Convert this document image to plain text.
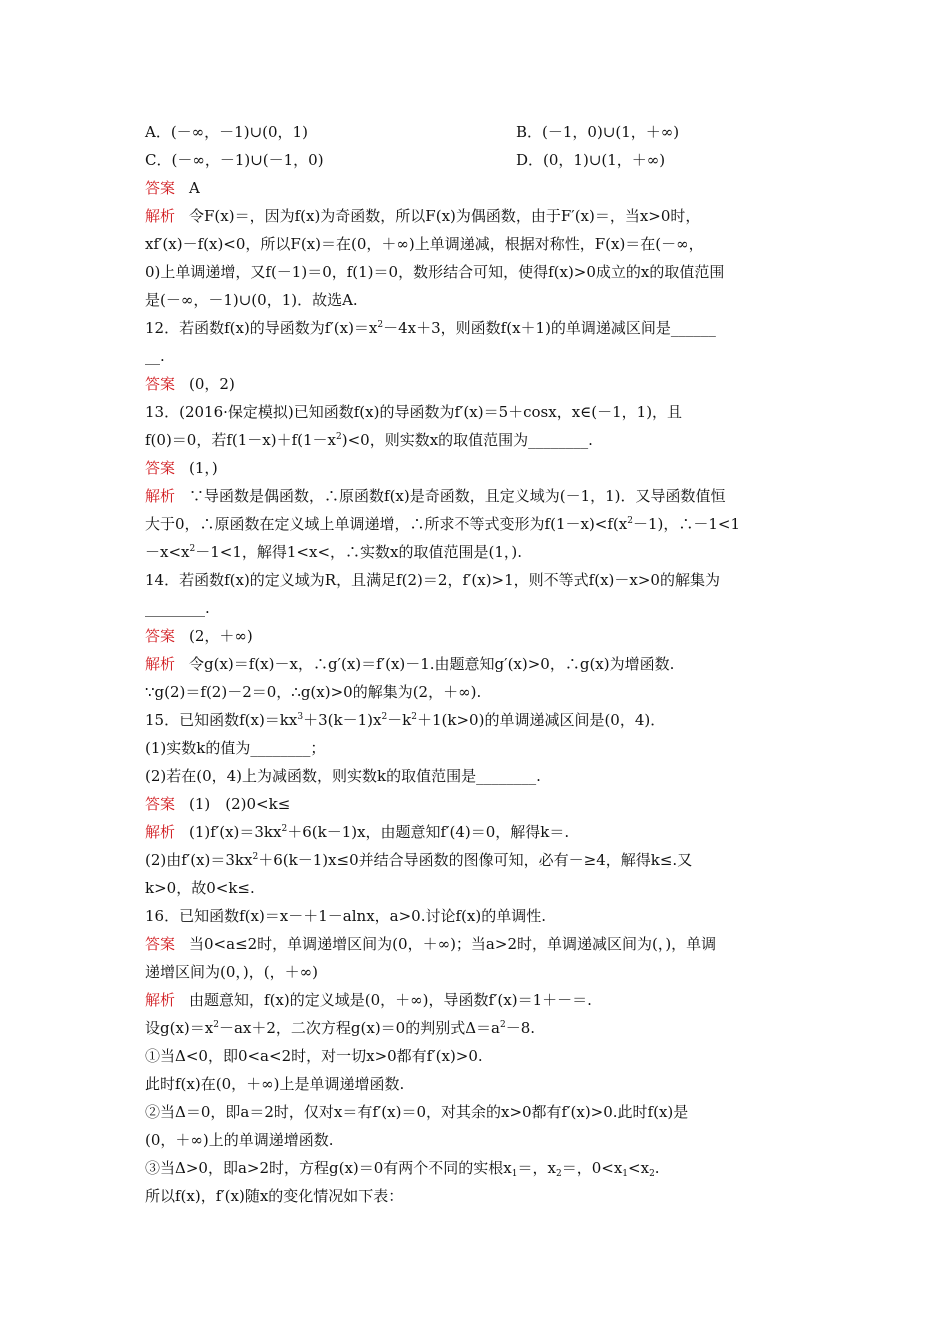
A．(－∞，－1)∪(0，1)	B．(－1，0)∪(1，＋∞)
C．(－∞，－1)∪(－1，0)	D．(0，1)∪(1，＋∞)
答案 A
解析 令F(x)＝，因为f(x)为奇函数，所以F(x)为偶函数，由于F′(x)＝，当x>0时，
xf′(x)－f(x)<0，所以F(x)＝在(0，＋∞)上单调递减，根据对称性，F(x)＝在(－∞，
0)上单调递增，又f(－1)＝0，f(1)＝0，数形结合可知，使得f(x)>0成立的x的取值范围
是(－∞，－1)∪(0，1)．故选A.
12．若函数f(x)的导函数为$f'(x)=x^2-4x+3$，则函数f(x＋1)的单调递减区间是______
__.
答案 (0，2)
13．(2016·保定模拟)已知函数f(x)的导函数为f′(x)＝5＋cosx，x∈(－1，1)，且
f(0)＝0，若$f(1-x)+f(1-x^2)<0$，则实数x的取值范围为________.
答案 (1，)
解析 ∵导函数是偶函数，∴原函数f(x)是奇函数，且定义域为(－1，1)．又导函数值恒
大于0，∴原函数在定义域上单调递增，∴所求不等式变形为$f(1-x)<f(x^2-1)$，∴－1<1
$-x<x^2-1<1$，解得1<x<，∴实数x的取值范围是(1，).
14．若函数f(x)的定义域为R，且满足f(2)＝2，f′(x)>1，则不等式f(x)－x>0的解集为
________.
答案 (2，＋∞)
解析 令g(x)＝f(x)－x，∴g′(x)＝f′(x)－1.由题意知g′(x)>0，∴g(x)为增函数.
∵g(2)＝f(2)－2＝0，∴g(x)>0的解集为(2，＋∞).
15．已知函数$f(x)=kx^3+3(k-1)x^2-k^2+1(k>0)$的单调递减区间是(0，4)．
(1)实数k的值为________；
(2)若在(0，4)上为减函数，则实数k的取值范围是________.
答案 (1)　(2)0<k≤
解析 $(1)f'(x)=3kx^2+6(k-1)x$，由题意知f′(4)＝0，解得k＝.
(2)由$f'(x)=3kx^2+6(k-1)x\le 0$并结合导函数的图像可知，必有－≥4，解得k≤.又
k>0，故0<k≤.
16．已知函数f(x)＝x－＋1－alnx，a>0.讨论f(x)的单调性.
答案 当0<a≤2时，单调递增区间为(0，＋∞)；当a>2时，单调递减区间为(，)，单调
递增区间为(0，)，(，＋∞)
解析 由题意知，f(x)的定义域是(0，＋∞)，导函数f′(x)＝1＋－＝.
设$g(x)=x^2-ax+2$，二次方程g(x)＝0的判别式$\Delta=a^2-8$.
①当Δ<0，即0<a<2时，对一切x>0都有f′(x)>0.
此时f(x)在(0，＋∞)上是单调递增函数.
②当Δ＝0，即a＝2时，仅对x＝有f′(x)＝0，对其余的x>0都有f′(x)>0.此时f(x)是
(0，＋∞)上的单调递增函数.
③当Δ>0，即a>2时，方程g(x)＝0有两个不同的实根$x_1=$，$x_2=$，$0<x_1<x_2$.
所以f(x)，f′(x)随x的变化情况如下表：
